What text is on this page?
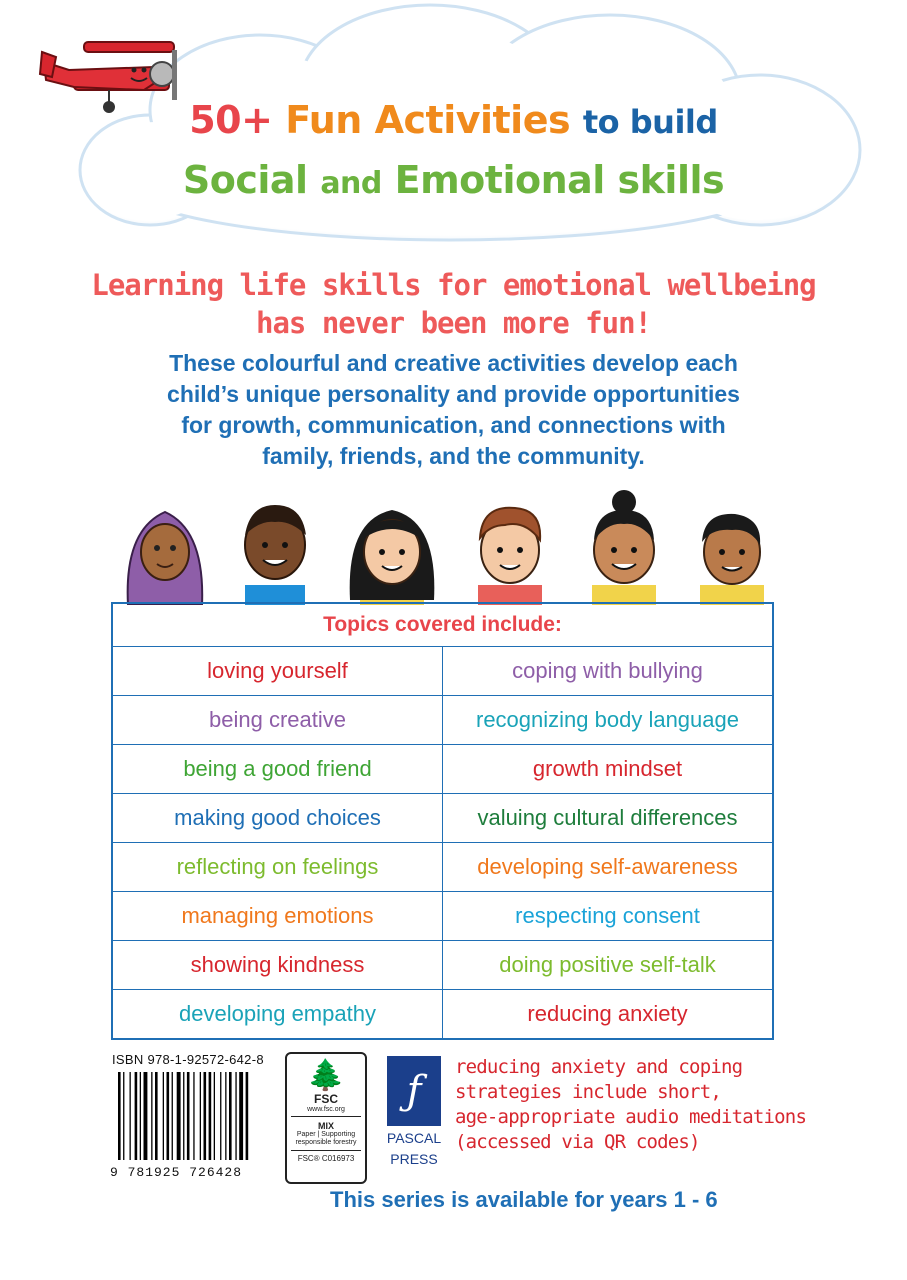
50+ Fun Activities to build
Social and Emotional skills
Learning life skills for emotional wellbeing
has never been more fun!
These colourful and creative activities develop each
child’s unique personality and provide opportunities
for growth, communication, and connections with
family, friends, and the community.
Topics covered include:	
loving yourself	coping with bullying
being creative	recognizing body language
being a good friend	growth mindset
making good choices	valuing cultural differences
reflecting on feelings	developing self-awareness
managing emotions	respecting consent
showing kindness	doing positive self-talk
developing empathy	reducing anxiety
ISBN 978-1-92572-642-8
9 781925 726428
🌲
FSC
www.fsc.org
MIX
Paper | Supporting responsible forestry
FSC® C016973
ƒ
PASCAL
PRESS
reducing anxiety and coping
strategies include short,
age-appropriate audio meditations
(accessed via QR codes)
This series is available for years 1 - 6
